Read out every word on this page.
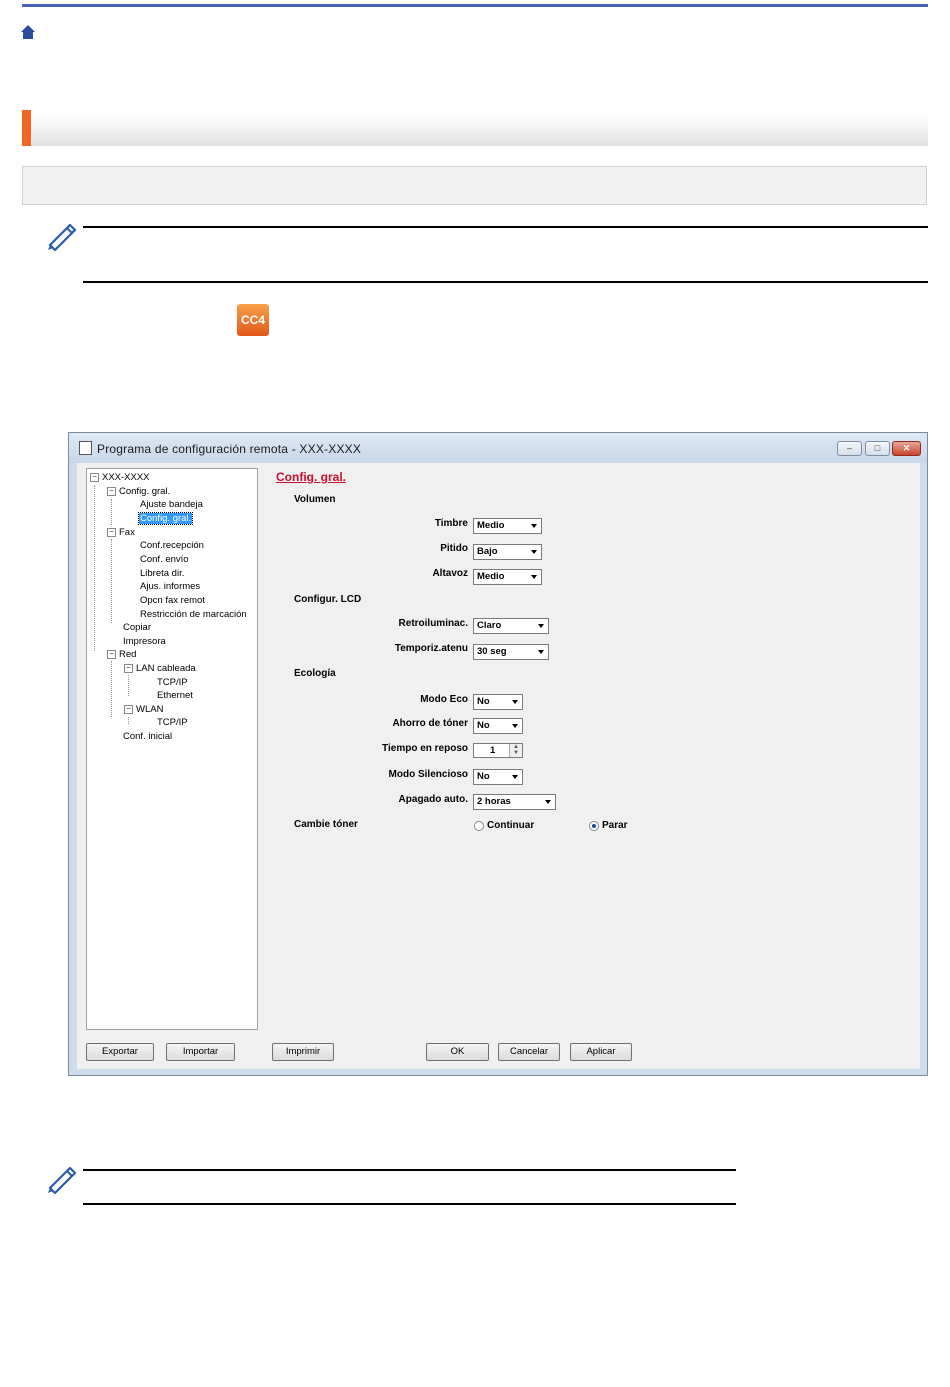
CC4
Programa de configuración remota - XXX-XXXX	–	□	✕
− XXX-XXXX
− Config. gral.
Ajuste bandeja
Config. gral.
− Fax
Conf.recepción
Conf. envío
Libreta dir.
Ajus. informes
Opcn fax remot
Restricción de marcación
Copiar
Impresora
− Red
− LAN cableada
TCP/IP
Ethernet
− WLAN
TCP/IP
Conf. inicial
Config. gral.
Volumen
Timbre Medio
Pitido Bajo
Altavoz Medio
Configur. LCD
Retroiluminac. Claro
Temporiz.atenu 30 seg
Ecología
Modo Eco No
Ahorro de tóner No
Tiempo en reposo 1	▲
▼
Modo Silencioso No
Apagado auto. 2 horas
Cambie tóner	Continuar	Parar
Exportar	Importar	Imprimir	OK	Cancelar	Aplicar
